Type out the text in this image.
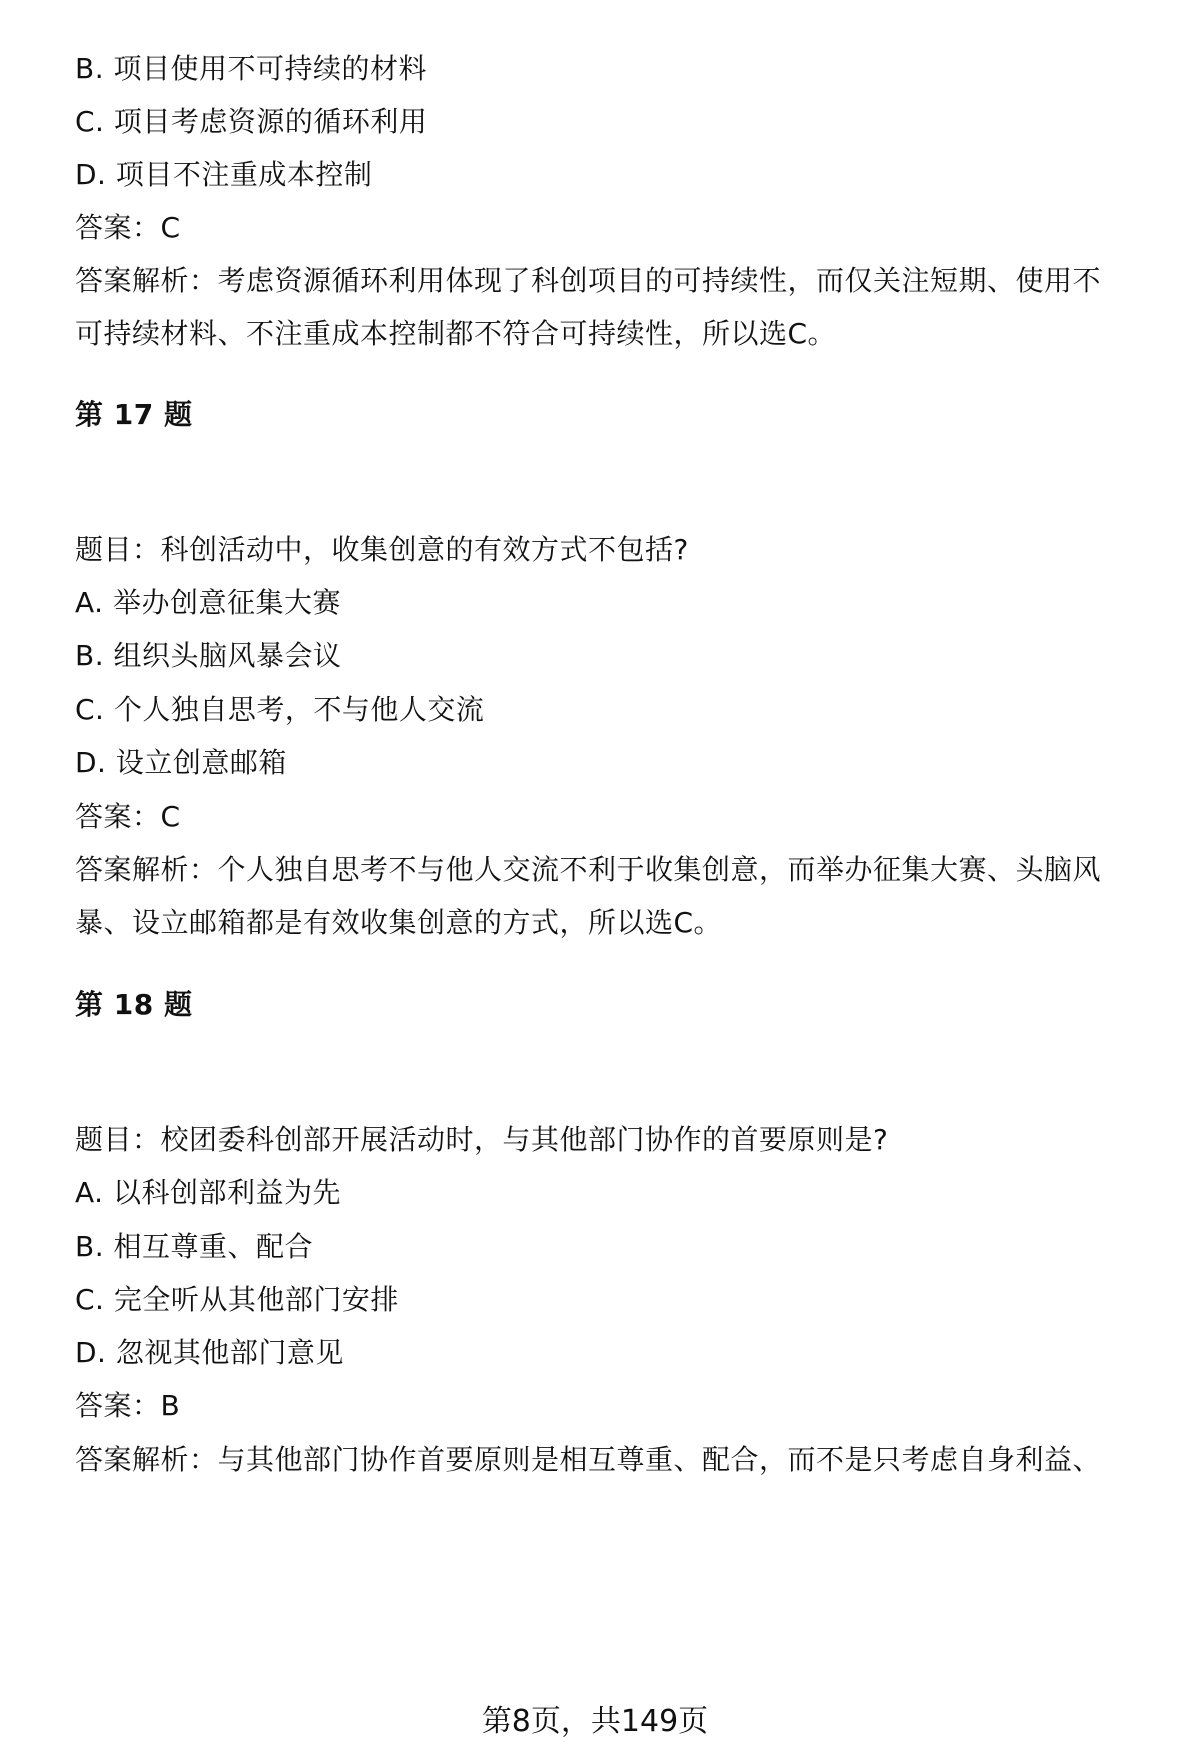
B. 项目使用不可持续的材料
C. 项目考虑资源的循环利用
D. 项目不注重成本控制
答案：C
答案解析：考虑资源循环利用体现了科创项目的可持续性，而仅关注短期、使用不
可持续材料、不注重成本控制都不符合可持续性，所以选C。
第 17 题
题目：科创活动中，收集创意的有效方式不包括?
A. 举办创意征集大赛
B. 组织头脑风暴会议
C. 个人独自思考，不与他人交流
D. 设立创意邮箱
答案：C
答案解析：个人独自思考不与他人交流不利于收集创意，而举办征集大赛、头脑风
暴、设立邮箱都是有效收集创意的方式，所以选C。
第 18 题
题目：校团委科创部开展活动时，与其他部门协作的首要原则是?
A. 以科创部利益为先
B. 相互尊重、配合
C. 完全听从其他部门安排
D. 忽视其他部门意见
答案：B
答案解析：与其他部门协作首要原则是相互尊重、配合，而不是只考虑自身利益、
第8页，共149页
